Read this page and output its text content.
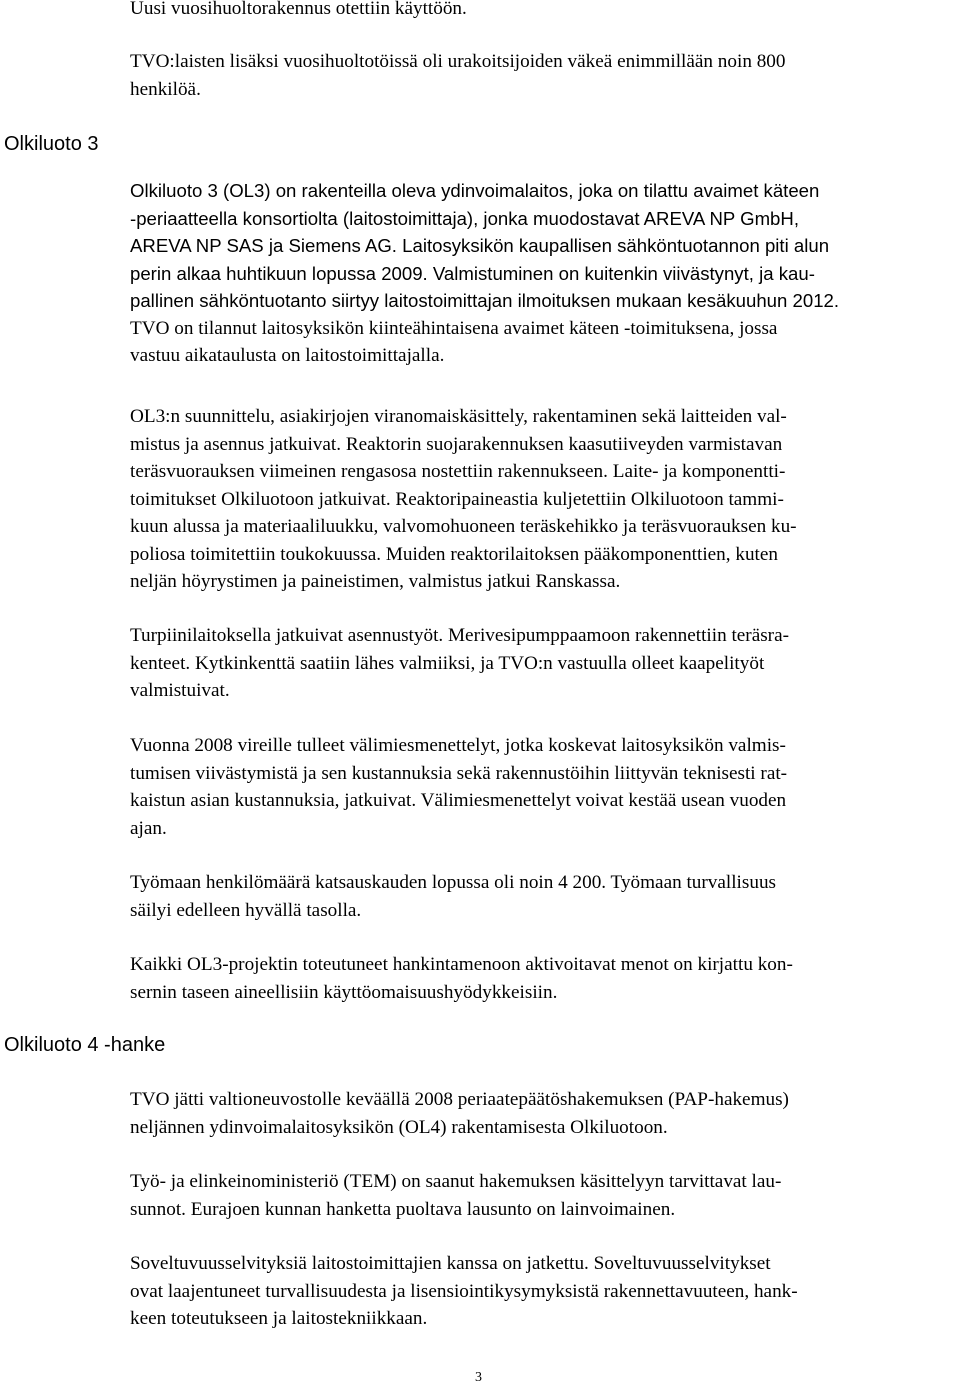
Olkiluoto 3
Olkiluoto 4 -hanke
Uusi vuosihuoltorakennus otettiin käyttöön.
TVO:laisten lisäksi vuosihuoltotöissä oli urakoitsijoiden väkeä enimmillään noin 800
henkilöä.
Olkiluoto 3 (OL3) on rakenteilla oleva ydinvoimalaitos, joka on tilattu avaimet käteen
-periaatteella konsortiolta (laitostoimittaja), jonka muodostavat AREVA NP GmbH,
AREVA NP SAS ja Siemens AG. Laitosyksikön kaupallisen sähköntuotannon piti alun
perin alkaa huhtikuun lopussa 2009. Valmistuminen on kuitenkin viivästynyt, ja kau-
pallinen sähköntuotanto siirtyy laitostoimittajan ilmoituksen mukaan kesäkuuhun 2012.
TVO on tilannut laitosyksikön kiinteähintaisena avaimet käteen -toimituksena, jossa
vastuu aikataulusta on laitostoimittajalla.
OL3:n suunnittelu, asiakirjojen viranomaiskäsittely, rakentaminen sekä laitteiden val-
mistus ja asennus jatkuivat. Reaktorin suojarakennuksen kaasutiiveyden varmistavan
teräsvuorauksen viimeinen rengasosa nostettiin rakennukseen. Laite- ja komponentti-
toimitukset Olkiluotoon jatkuivat. Reaktoripaineastia kuljetettiin Olkiluotoon tammi-
kuun alussa ja materiaaliluukku, valvomohuoneen teräskehikko ja teräsvuorauksen ku-
poliosa toimitettiin toukokuussa. Muiden reaktorilaitoksen pääkomponenttien, kuten
neljän höyrystimen ja paineistimen, valmistus jatkui Ranskassa.
Turpiinilaitoksella jatkuivat asennustyöt. Merivesipumppaamoon rakennettiin teräsra-
kenteet. Kytkinkenttä saatiin lähes valmiiksi, ja TVO:n vastuulla olleet kaapelityöt
valmistuivat.
Vuonna 2008 vireille tulleet välimiesmenettelyt, jotka koskevat laitosyksikön valmis-
tumisen viivästymistä ja sen kustannuksia sekä rakennustöihin liittyvän teknisesti rat-
kaistun asian kustannuksia, jatkuivat. Välimiesmenettelyt voivat kestää usean vuoden
ajan.
Työmaan henkilömäärä katsauskauden lopussa oli noin 4 200. Työmaan turvallisuus
säilyi edelleen hyvällä tasolla.
Kaikki OL3-projektin toteutuneet hankintamenoon aktivoitavat menot on kirjattu kon-
sernin taseen aineellisiin käyttöomaisuushyödykkeisiin.
TVO jätti valtioneuvostolle keväällä 2008 periaatepäätöshakemuksen (PAP-hakemus)
neljännen ydinvoimalaitosyksikön (OL4) rakentamisesta Olkiluotoon.
Työ- ja elinkeinoministeriö (TEM) on saanut hakemuksen käsittelyyn tarvittavat lau-
sunnot. Eurajoen kunnan hanketta puoltava lausunto on lainvoimainen.
Soveltuvuusselvityksiä laitostoimittajien kanssa on jatkettu. Soveltuvuusselvitykset
ovat laajentuneet turvallisuudesta ja lisensiointikysymyksistä rakennettavuuteen, hank-
keen toteutukseen ja laitostekniikkaan.
3
